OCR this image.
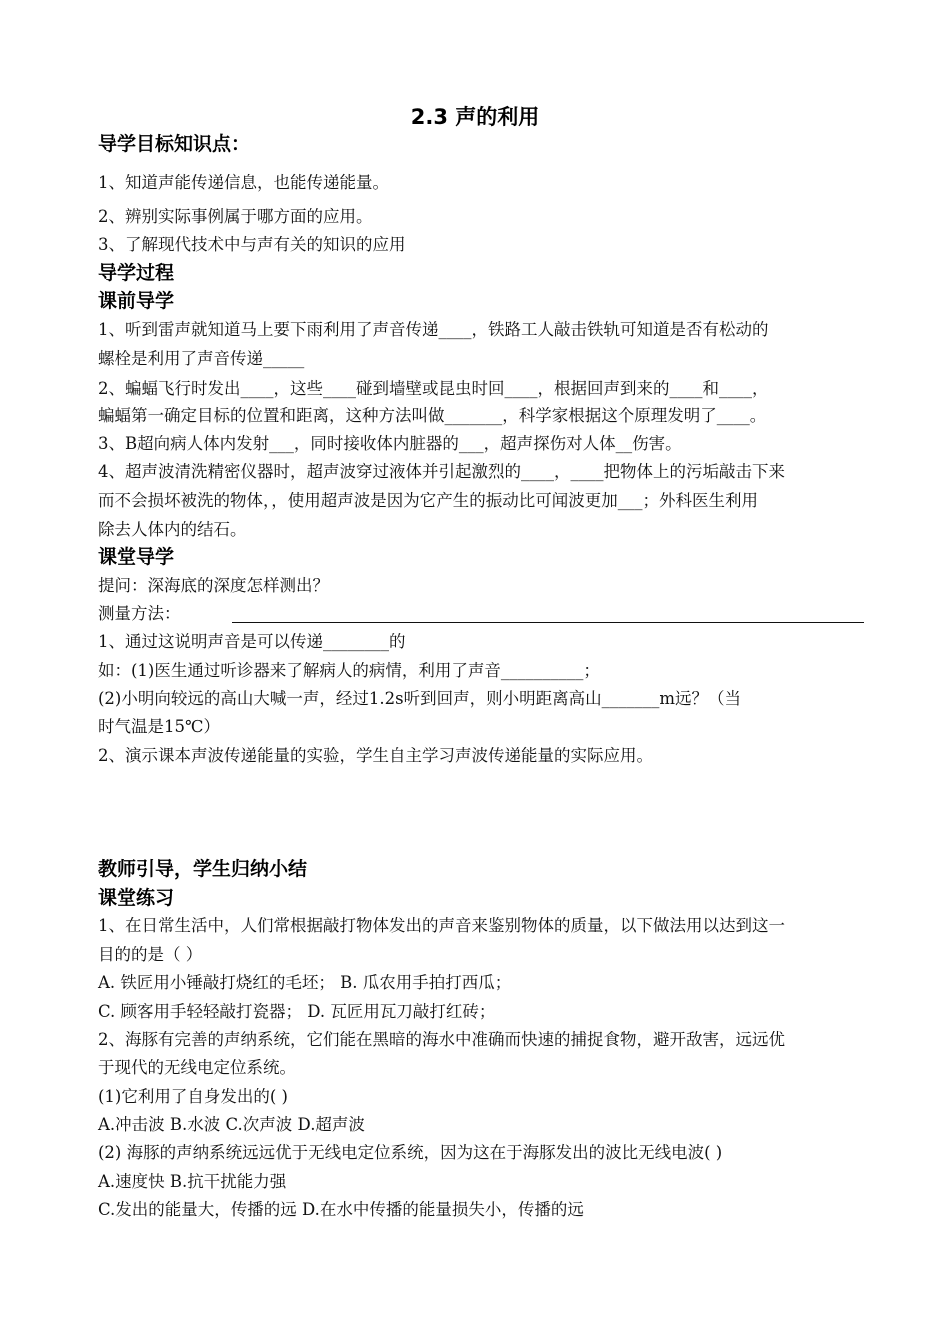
2.3 声的利用
导学目标知识点：
1、知道声能传递信息，也能传递能量。
2、辨别实际事例属于哪方面的应用。
3、了解现代技术中与声有关的知识的应用
导学过程
课前导学
1、听到雷声就知道马上要下雨利用了声音传递____，铁路工人敲击铁轨可知道是否有松动的
螺栓是利用了声音传递_____
2、蝙蝠飞行时发出____，这些____碰到墙壁或昆虫时回____，根据回声到来的____和____，
蝙蝠第一确定目标的位置和距离，这种方法叫做_______，科学家根据这个原理发明了____。
3、B超向病人体内发射___，同时接收体内脏器的___，超声探伤对人体__伤害。
4、超声波清洗精密仪器时，超声波穿过液体并引起激烈的____，____把物体上的污垢敲击下来
而不会损坏被洗的物体，，使用超声波是因为它产生的振动比可闻波更加___；外科医生利用
除去人体内的结石。
课堂导学
提问：深海底的深度怎样测出？
测量方法：
1、通过这说明声音是可以传递________的
如：(1)医生通过听诊器来了解病人的病情，利用了声音__________；
(2)小明向较远的高山大喊一声，经过1.2s听到回声，则小明距离高山_______m远？（当
时气温是15℃）
2、演示课本声波传递能量的实验，学生自主学习声波传递能量的实际应用。
教师引导，学生归纳小结
课堂练习
1、在日常生活中，人们常根据敲打物体发出的声音来鉴别物体的质量，以下做法用以达到这一
目的的是（ ）
A. 铁匠用小锤敲打烧红的毛坯； B. 瓜农用手拍打西瓜；
C. 顾客用手轻轻敲打瓷器； D. 瓦匠用瓦刀敲打红砖；
2、海豚有完善的声纳系统，它们能在黑暗的海水中准确而快速的捕捉食物，避开敌害，远远优
于现代的无线电定位系统。
(1)它利用了自身发出的( )
A.冲击波 B.水波 C.次声波 D.超声波
(2) 海豚的声纳系统远远优于无线电定位系统，因为这在于海豚发出的波比无线电波( )
A.速度快 B.抗干扰能力强
C.发出的能量大，传播的远 D.在水中传播的能量损失小，传播的远
